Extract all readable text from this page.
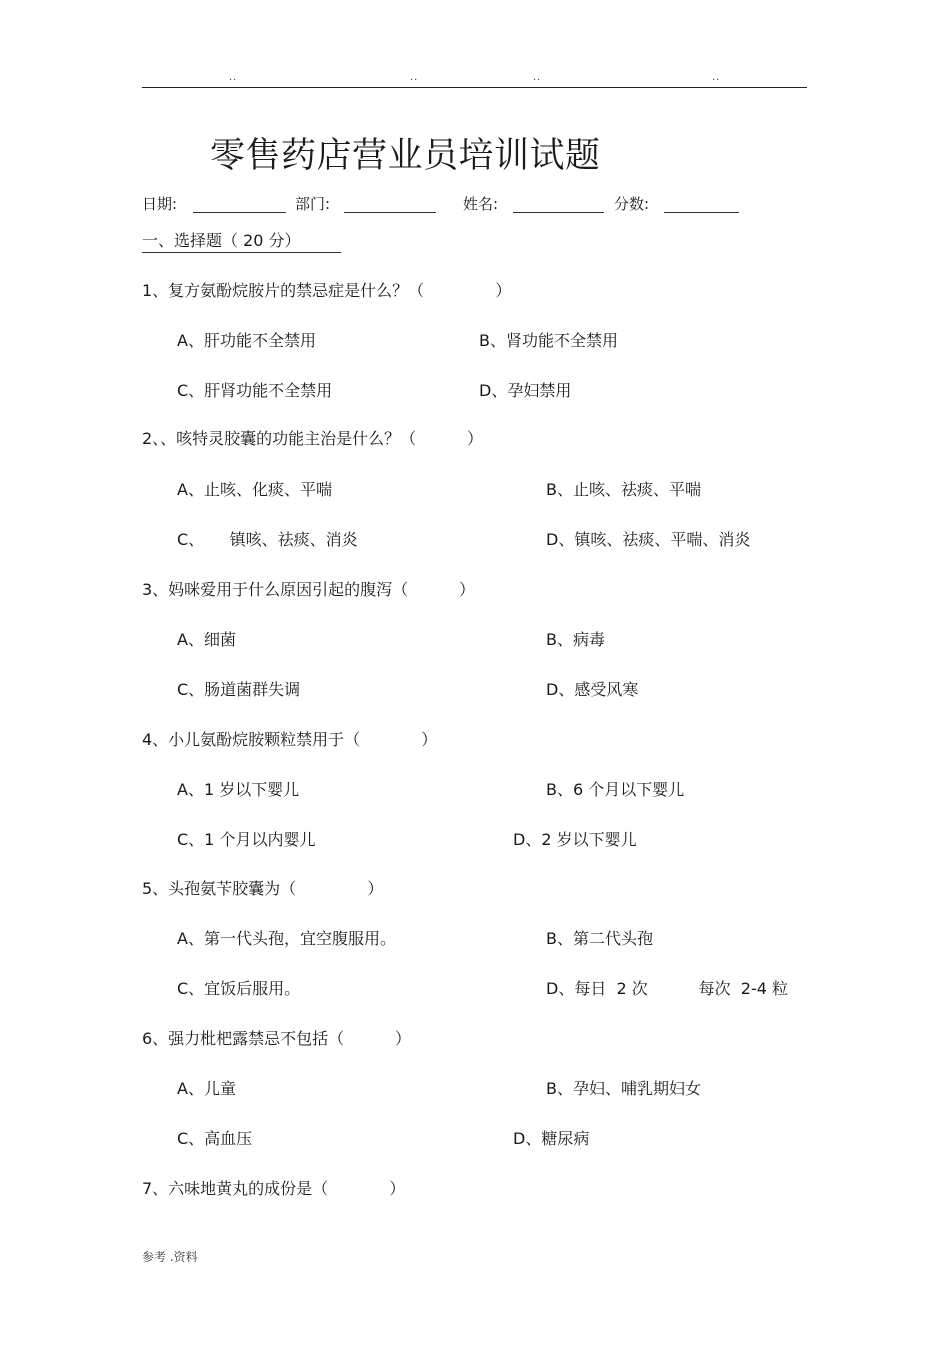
..	..	..	..
零售药店营业员培训试题
日期:	部门:	姓名:	分数:
一、选择题（ 20 分）
1、复方氨酚烷胺片的禁忌症是什么？（              ）
A、肝功能不全禁用	B、肾功能不全禁用
C、肝肾功能不全禁用	D、孕妇禁用
2、、咳特灵胶囊的功能主治是什么？（          ）
A、止咳、化痰、平喘	B、止咳、祛痰、平喘
C、     镇咳、祛痰、消炎	D、镇咳、祛痰、平喘、消炎
3、妈咪爱用于什么原因引起的腹泻（          ）
A、细菌	B、病毒
C、肠道菌群失调	D、感受风寒
4、小儿氨酚烷胺颗粒禁用于（            ）
A、1 岁以下婴儿	B、6 个月以下婴儿
C、1 个月以内婴儿	D、2 岁以下婴儿
5、头孢氨苄胶囊为（              ）
A、第一代头孢，宜空腹服用。	B、第二代头孢
C、宜饭后服用。	D、每日  2 次          每次  2-4 粒
6、强力枇杷露禁忌不包括（          ）
A、儿童	B、孕妇、哺乳期妇女
C、高血压	D、糖尿病
7、六味地黄丸的成份是（            ）
参考 .资料
